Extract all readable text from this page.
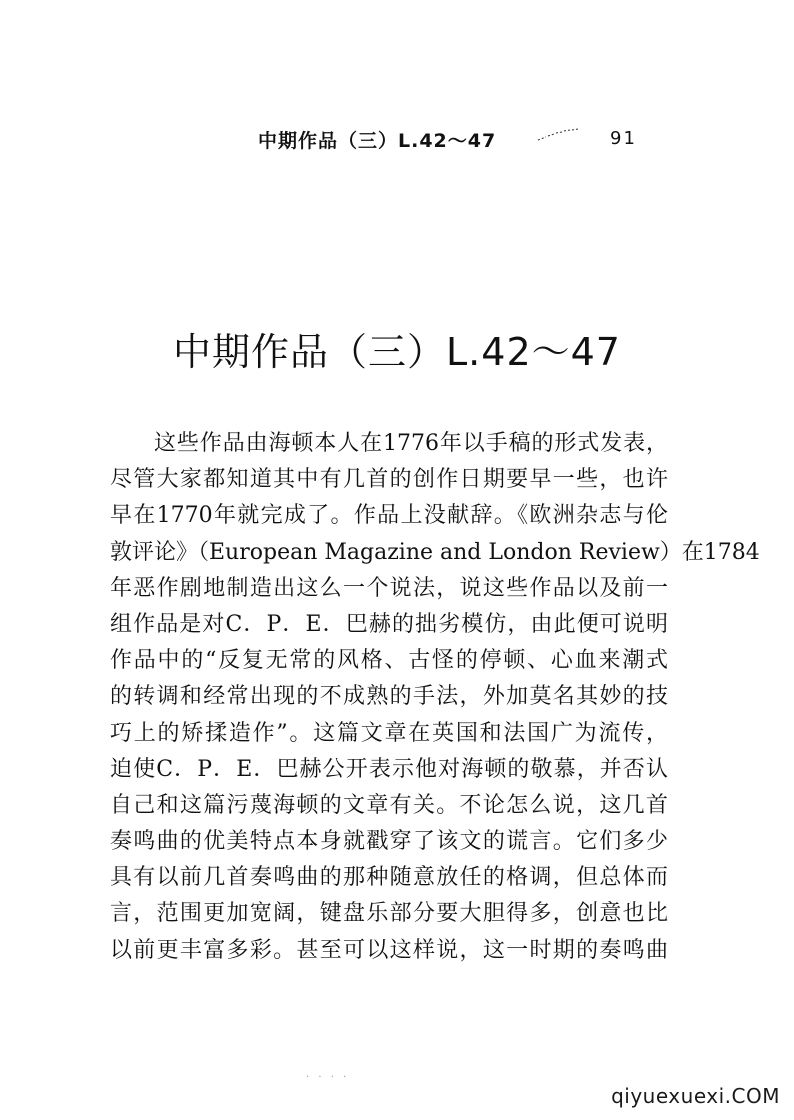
中期作品（三）L.42～47	91
中期作品（三）L.42～47
这些作品由海顿本人在1776年以手稿的形式发表，
尽管大家都知道其中有几首的创作日期要早一些，也许
早在1770年就完成了。作品上没献辞。《欧洲杂志与伦
敦评论》（European Magazine and London Review）在1784
年恶作剧地制造出这么一个说法，说这些作品以及前一
组作品是对C．P．E．巴赫的拙劣模仿，由此便可说明
作品中的“反复无常的风格、古怪的停顿、心血来潮式
的转调和经常出现的不成熟的手法，外加莫名其妙的技
巧上的矫揉造作”。这篇文章在英国和法国广为流传，
迫使C．P．E．巴赫公开表示他对海顿的敬慕，并否认
自己和这篇污蔑海顿的文章有关。不论怎么说，这几首
奏鸣曲的优美特点本身就戳穿了该文的谎言。它们多少
具有以前几首奏鸣曲的那种随意放任的格调，但总体而
言，范围更加宽阔，键盘乐部分要大胆得多，创意也比
以前更丰富多彩。甚至可以这样说，这一时期的奏鸣曲
· · · ·
qiyuexuexi.COM
